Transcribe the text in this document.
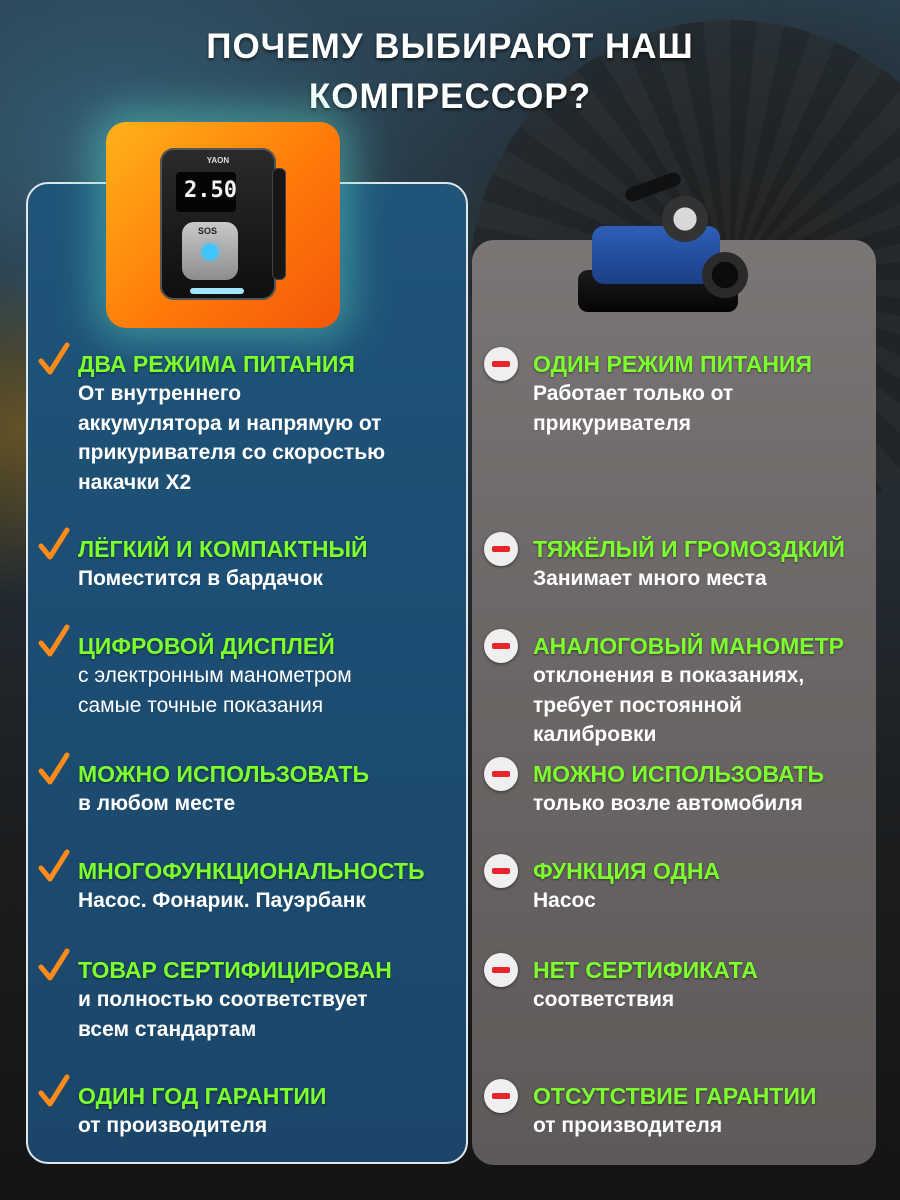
ПОЧЕМУ ВЫБИРАЮТ НАШ
КОМПРЕССОР?
YAON
2.50
SOS
ДВА РЕЖИМА ПИТАНИЯ
От внутреннего
аккумулятора и напрямую от
прикуривателя со скоростью
накачки Х2
ЛЁГКИЙ И КОМПАКТНЫЙ
Поместится в бардачок
ЦИФРОВОЙ ДИСПЛЕЙ
с электронным манометром
самые точные показания
МОЖНО ИСПОЛЬЗОВАТЬ
в любом месте
МНОГОФУНКЦИОНАЛЬНОСТЬ
Насос. Фонарик. Пауэрбанк
ТОВАР СЕРТИФИЦИРОВАН
и полностью соответствует
всем стандартам
ОДИН ГОД ГАРАНТИИ
от производителя
ОДИН РЕЖИМ ПИТАНИЯ
Работает только от
прикуривателя
ТЯЖЁЛЫЙ И ГРОМОЗДКИЙ
Занимает много места
АНАЛОГОВЫЙ МАНОМЕТР
отклонения в показаниях,
требует постоянной
калибровки
МОЖНО ИСПОЛЬЗОВАТЬ
только возле автомобиля
ФУНКЦИЯ ОДНА
Насос
НЕТ СЕРТИФИКАТА
соответствия
ОТСУТСТВИЕ ГАРАНТИИ
от производителя
